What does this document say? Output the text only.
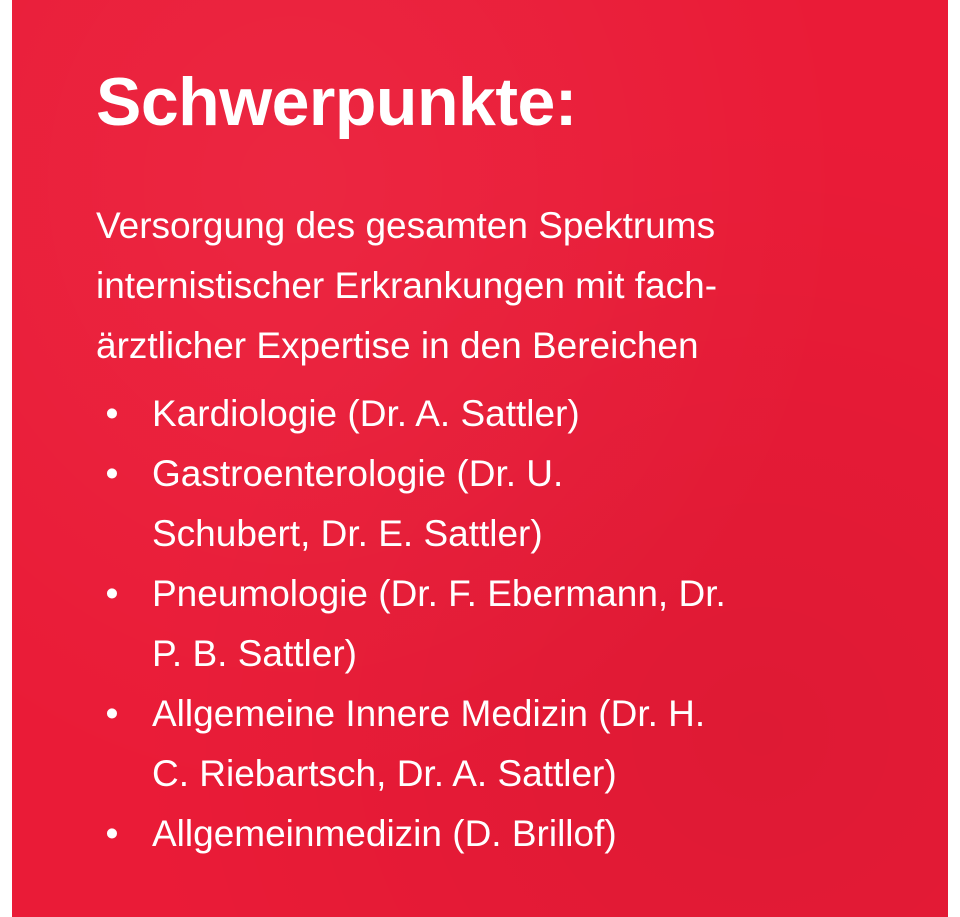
Schwerpunkte:

Versorgung des gesamten Spektrums
internistischer Erkrankungen mit fach-
ärztlicher Expertise in den Bereichen

• Kardiologie (Dr. A. Sattler)
• Gastroenterologie (Dr. U.
Schubert, Dr. E. Sattler)
• Pneumologie (Dr. F. Ebermann, Dr.
P. B. Sattler)
• Allgemeine Innere Medizin (Dr. H.
C. Riebartsch, Dr. A. Sattler)
• Allgemeinmedizin (D. Brillof)
